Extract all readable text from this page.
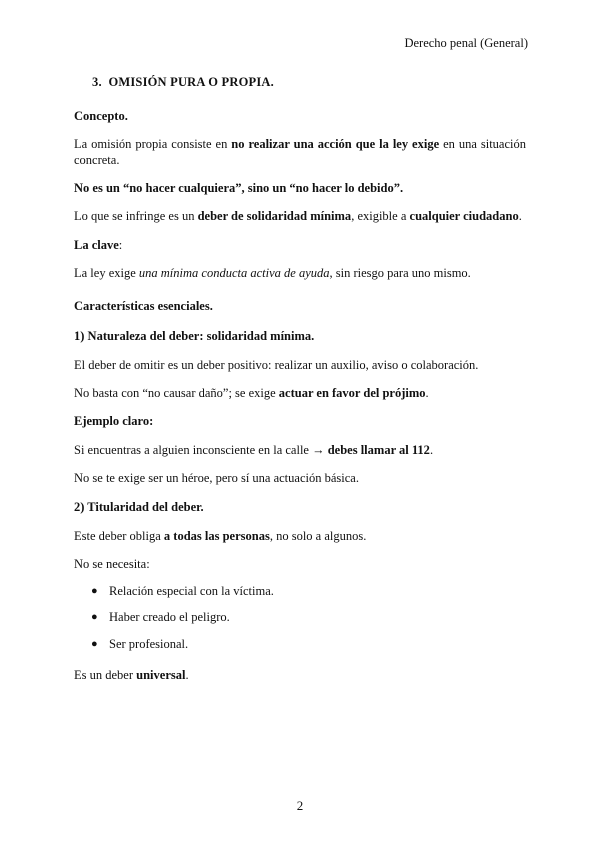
Derecho penal (General)
3. OMISIÓN PURA O PROPIA.
Concepto.
La omisión propia consiste en no realizar una acción que la ley exige en una situación concreta.
No es un “no hacer cualquiera”, sino un “no hacer lo debido”.
Lo que se infringe es un deber de solidaridad mínima, exigible a cualquier ciudadano.
La clave:
La ley exige una mínima conducta activa de ayuda, sin riesgo para uno mismo.
Características esenciales.
1) Naturaleza del deber: solidaridad mínima.
El deber de omitir es un deber positivo: realizar un auxilio, aviso o colaboración.
No basta con “no causar daño”; se exige actuar en favor del prójimo.
Ejemplo claro:
Si encuentras a alguien inconsciente en la calle → debes llamar al 112.
No se te exige ser un héroe, pero sí una actuación básica.
2) Titularidad del deber.
Este deber obliga a todas las personas, no solo a algunos.
No se necesita:
● Relación especial con la víctima.
● Haber creado el peligro.
● Ser profesional.
Es un deber universal.
2
